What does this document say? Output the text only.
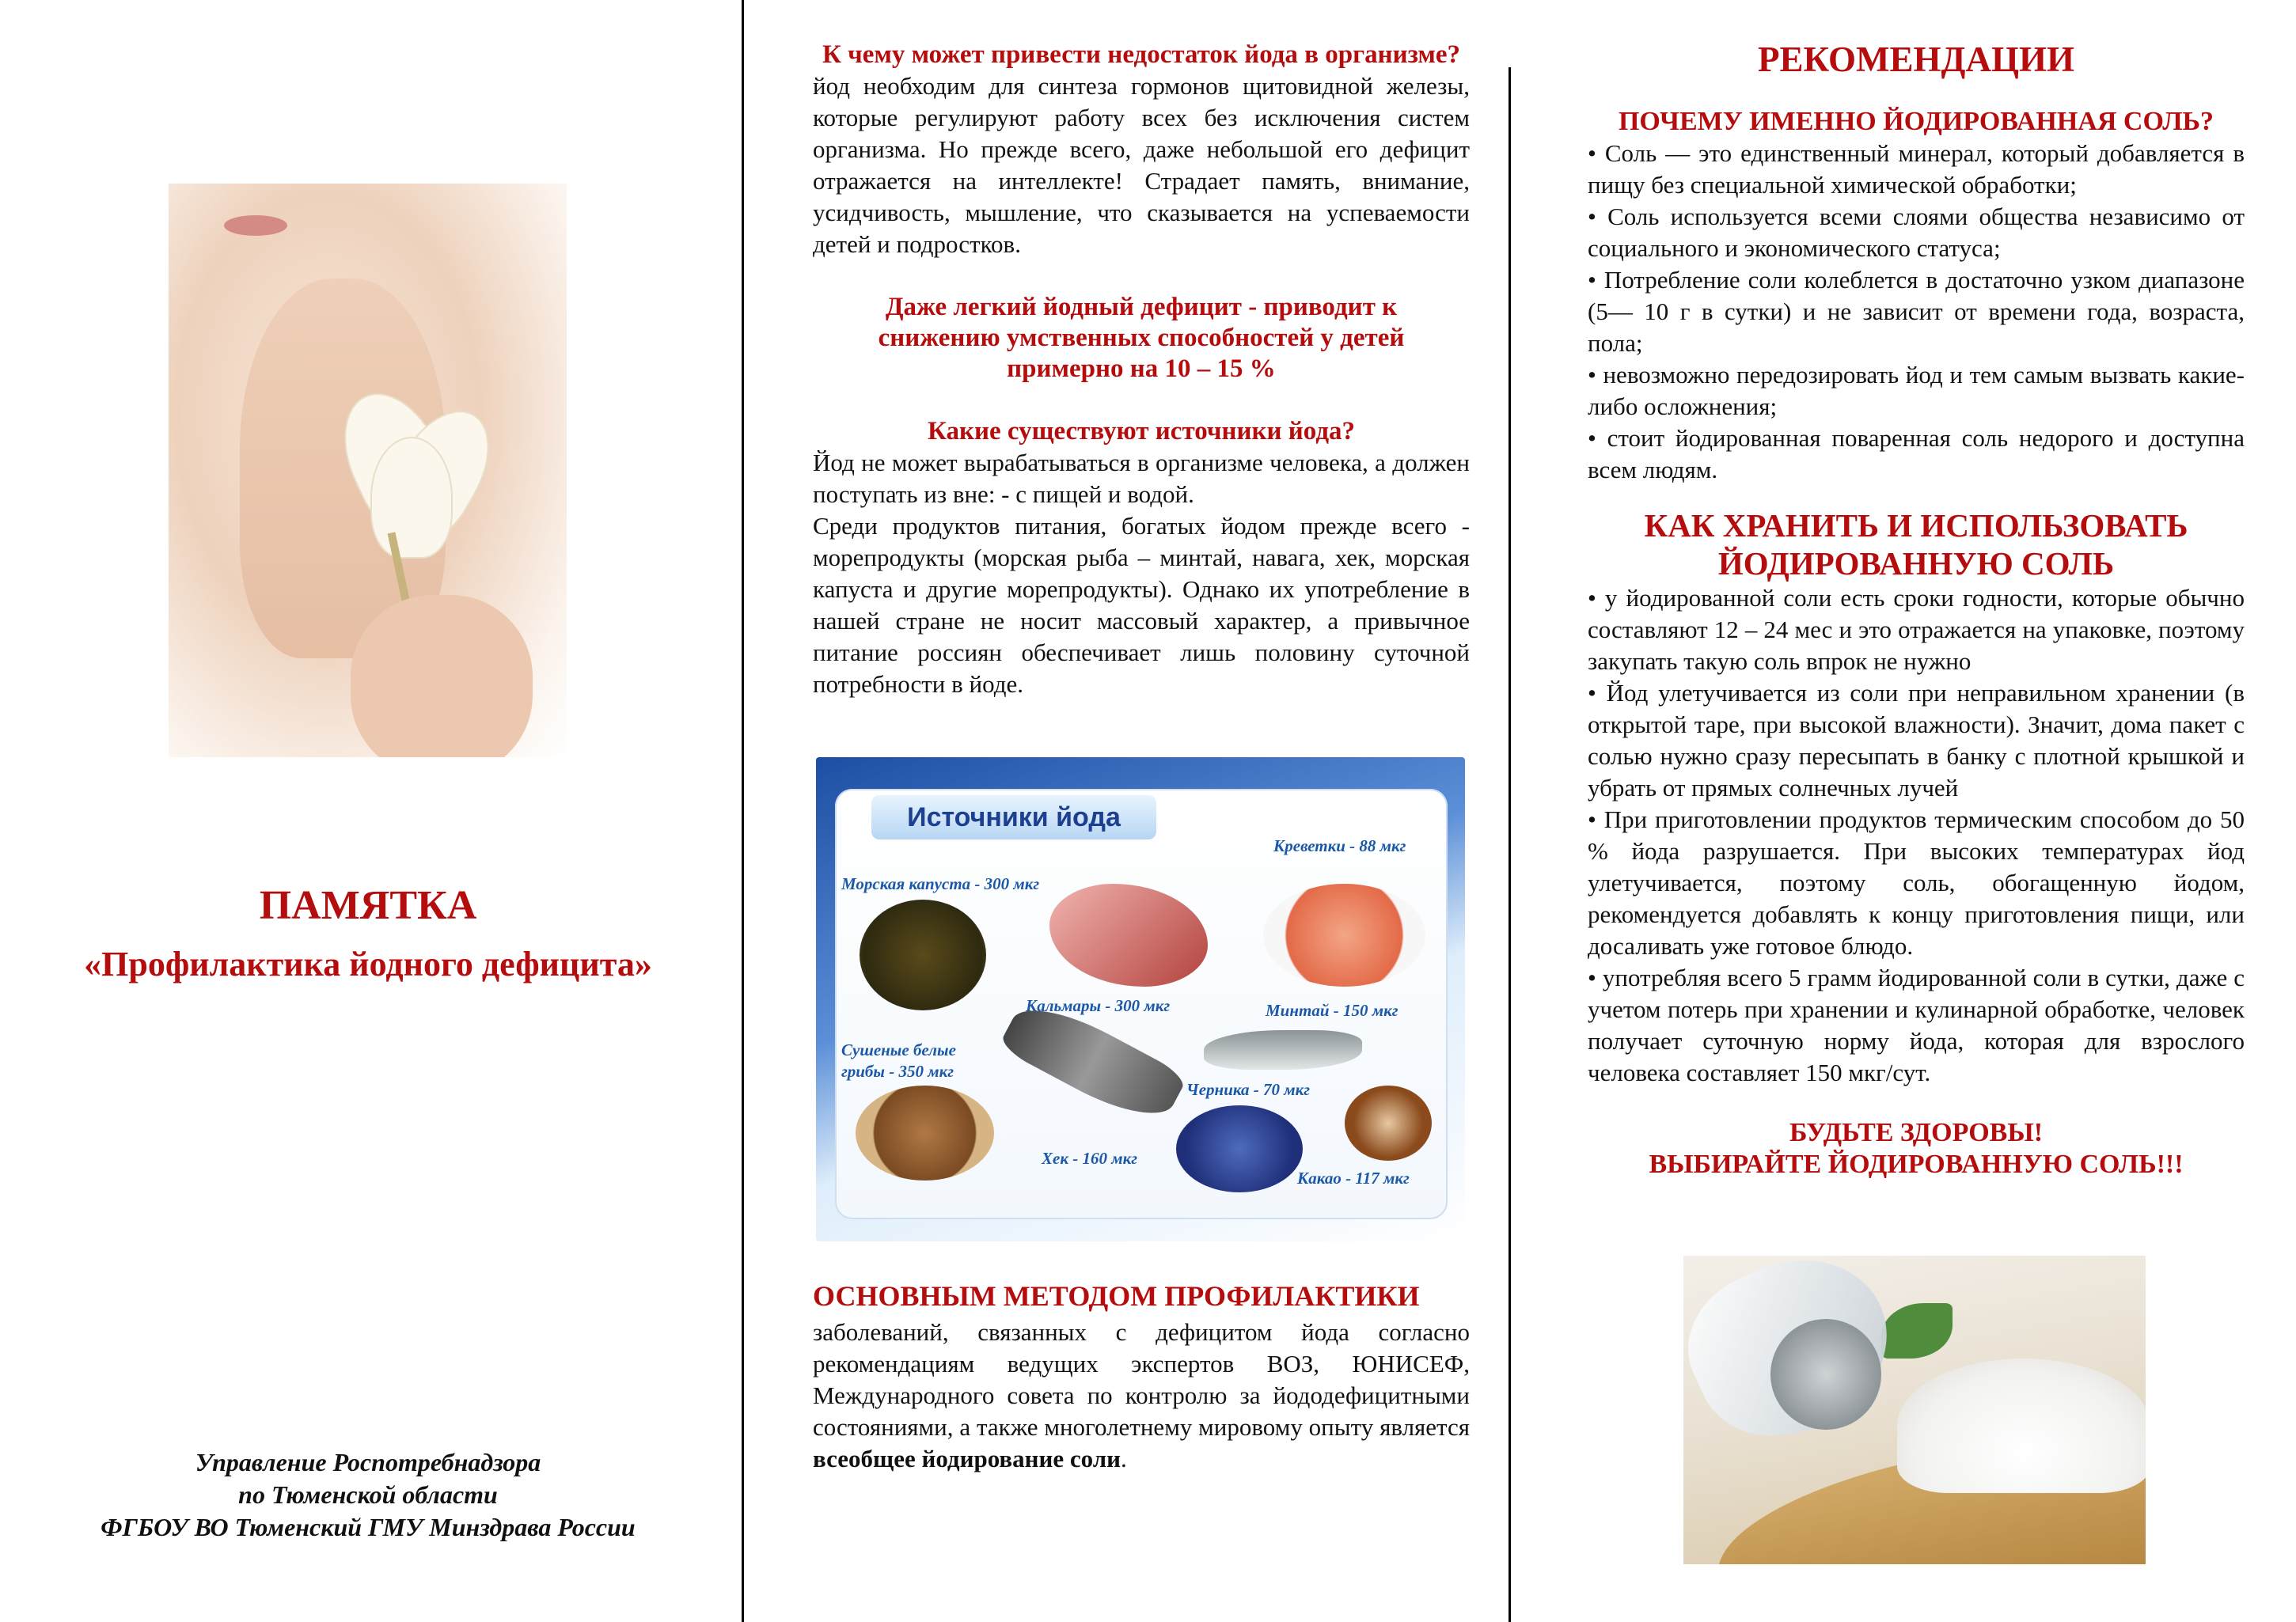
ПАМЯТКА
«Профилактика йодного дефицита»
Управление Роспотребнадзора
по Тюменской области
ФГБОУ ВО Тюменский ГМУ Минздрава России
К чему может привести недостаток йода в организме?

йод необходим для синтеза гормонов щитовидной железы, которые регулируют работу всех без исключения систем организма. Но прежде всего, даже небольшой его дефицит отражается на интеллекте! Страдает память, внимание, усидчивость, мышление, что сказывается на успеваемости детей и подростков.

Даже легкий йодный дефицит - приводит к снижению умственных способностей у детей примерно на 10 – 15 %
Какие существуют источники йода?

Йод не может вырабатываться в организме человека, а должен поступать из вне: - с пищей и водой.

Среди продуктов питания, богатых йодом прежде всего - морепродукты (морская рыба – минтай, навага, хек, морская капуста и другие морепродукты). Однако их употребление в нашей стране не носит массовый характер, а привычное питание россиян обеспечивает лишь половину суточной потребности в йоде.

Источники йода
Морская капуста - 300 мкг
Креветки - 88 мкг
Кальмары - 300 мкг	Минтай - 150 мкг
Сушеные белые
грибы - 350 мкг
Черника - 70 мкг
Хек - 160 мкг
Какао - 117 мкг
ОСНОВНЫМ МЕТОДОМ ПРОФИЛАКТИКИ

заболеваний, связанных с дефицитом йода согласно рекомендациям ведущих экспертов ВОЗ, ЮНИСЕФ, Международного совета по контролю за йододефицитными состояниями, а также многолетнему мировому опыту является всеобщее йодирование соли.

РЕКОМЕНДАЦИИ
ПОЧЕМУ ИМЕННО ЙОДИРОВАННАЯ СОЛЬ?

• Соль — это единственный минерал, который добавляется в пищу без специальной химической обработки;

• Соль используется всеми слоями общества независимо от социального и экономического статуса;

• Потребление соли колеблется в достаточно узком диапазоне (5— 10 г в сутки) и не зависит от времени года, возраста, пола;

• невозможно передозировать йод и тем самым вызвать какие-либо осложнения;

• стоит йодированная поваренная соль недорого и доступна всем людям.

КАК ХРАНИТЬ И ИСПОЛЬЗОВАТЬ ЙОДИРОВАННУЮ СОЛЬ

• у йодированной соли есть сроки годности, которые обычно составляют 12 – 24 мес и это отражается на упаковке, поэтому закупать такую соль впрок не нужно

• Йод улетучивается из соли при неправильном хранении (в открытой таре, при высокой влажности). Значит, дома пакет с солью нужно сразу пересыпать в банку с плотной крышкой и убрать от прямых солнечных лучей

• При приготовлении продуктов термическим способом до 50 % йода разрушается. При высоких температурах йод улетучивается, поэтому соль, обогащенную йодом, рекомендуется добавлять к концу приготовления пищи, или досаливать уже готовое блюдо.

• употребляя всего 5 грамм йодированной соли в сутки, даже с учетом потерь при хранении и кулинарной обработке, человек получает суточную норму йода, которая для взрослого человека составляет 150 мкг/сут.

БУДЬТЕ ЗДОРОВЫ!
ВЫБИРАЙТЕ ЙОДИРОВАННУЮ СОЛЬ!!!
